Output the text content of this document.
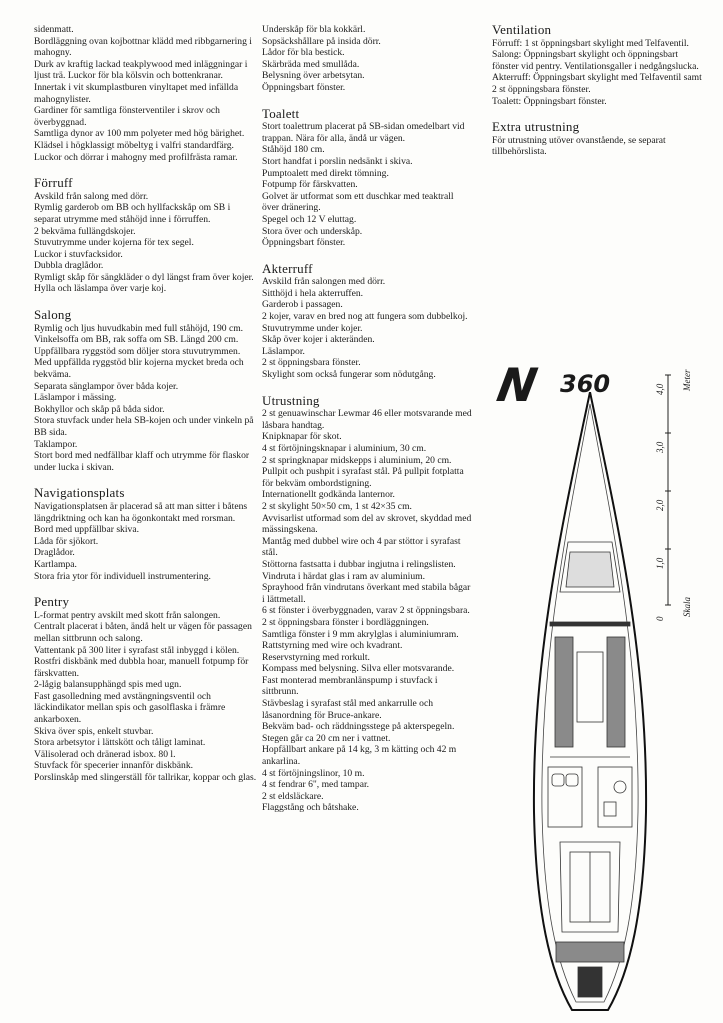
sidenmatt.
Bordläggning ovan kojbottnar klädd med ribbgarnering i mahogny.
Durk av kraftig lackad teakplywood med inläggningar i ljust trä. Luckor för bla kölsvin och bottenkranar.
Innertak i vit skumplastburen vinyltapet med infällda mahognylister.
Gardiner för samtliga fönsterventiler i skrov och överbyggnad.
Samtliga dynor av 100 mm polyeter med hög bärighet.
Klädsel i högklassigt möbeltyg i valfri standardfärg.
Luckor och dörrar i mahogny med profilfrästa ramar.

Förruff

Avskild från salong med dörr.
Rymlig garderob om BB och hyllfackskåp om SB i separat utrymme med ståhöjd inne i förruffen.
2 bekväma fullängdskojer.
Stuvutrymme under kojerna för tex segel.
Luckor i stuvfacksidor.
Dubbla draglådor.
Rymligt skåp för sängkläder o dyl längst fram över kojer.
Hylla och läslampa över varje koj.

Salong

Rymlig och ljus huvudkabin med full ståhöjd, 190 cm.
Vinkelsoffa om BB, rak soffa om SB. Längd 200 cm.
Uppfällbara ryggstöd som döljer stora stuvutrymmen.
Med uppfällda ryggstöd blir kojerna mycket breda och bekväma.
Separata sänglampor över båda kojer.
Läslampor i mässing.
Bokhyllor och skåp på båda sidor.
Stora stuvfack under hela SB-kojen och under vinkeln på BB sida.
Taklampor.
Stort bord med nedfällbar klaff och utrymme för flaskor under lucka i skivan.

Navigationsplats

Navigationsplatsen är placerad så att man sitter i båtens längdriktning och kan ha ögonkontakt med rorsman.
Bord med uppfällbar skiva.
Låda för sjökort.
Draglådor.
Kartlampa.
Stora fria ytor för individuell instrumentering.

Pentry

L-format pentry avskilt med skott från salongen.
Centralt placerat i båten, ändå helt ur vägen för passagen mellan sittbrunn och salong.
Vattentank på 300 liter i syrafast stål inbyggd i kölen.
Rostfri diskbänk med dubbla hoar, manuell fotpump för färskvatten.
2-lågig balansupphängd spis med ugn.
Fast gasolledning med avstängningsventil och läckindikator mellan spis och gasolflaska i främre ankarboxen.
Skiva över spis, enkelt stuvbar.
Stora arbetsytor i lättskött och tåligt laminat.
Välisolerad och dränerad isbox. 80 l.
Stuvfack för specerier innanför diskbänk.
Porslinskåp med slingerställ för tallrikar, koppar och glas.

Underskåp för bla kokkärl.
Sopsäckshållare på insida dörr.
Lådor för bla bestick.
Skärbräda med smullåda.
Belysning över arbetsytan.
Öppningsbart fönster.

Toalett

Stort toalettrum placerat på SB-sidan omedelbart vid trappan. Nära för alla, ändå ur vägen.
Ståhöjd 180 cm.
Stort handfat i porslin nedsänkt i skiva.
Pumptoalett med direkt tömning.
Fotpump för färskvatten.
Golvet är utformat som ett duschkar med teaktrall över dränering.
Spegel och 12 V eluttag.
Stora över och underskåp.
Öppningsbart fönster.

Akterruff

Avskild från salongen med dörr.
Sitthöjd i hela akterruffen.
Garderob i passagen.
2 kojer, varav en bred nog att fungera som dubbelkoj.
Stuvutrymme under kojer.
Skåp över kojer i akteränden.
Läslampor.
2 st öppningsbara fönster.
Skylight som också fungerar som nödutgång.

Utrustning

2 st genuawinschar Lewmar 46 eller motsvarande med låsbara handtag.
Knipknapar för skot.
4 st förtöjningsknapar i aluminium, 30 cm.
2 st springknapar midskepps i aluminium, 20 cm.
Pullpit och pushpit i syrafast stål. På pullpit fotplatta för bekväm ombordstigning.
Internationellt godkända lanternor.
2 st skylight 50×50 cm, 1 st 42×35 cm.
Avvisarlist utformad som del av skrovet, skyddad med mässingskena.
Mantåg med dubbel wire och 4 par stöttor i syrafast stål.
Stöttorna fastsatta i dubbar ingjutna i relingslisten.
Vindruta i härdat glas i ram av aluminium.
Sprayhood från vindrutans överkant med stabila bågar i lättmetall.
6 st fönster i överbyggnaden, varav 2 st öppningsbara.
2 st öppningsbara fönster i bordläggningen.
Samtliga fönster i 9 mm akrylglas i aluminiumram.
Rattstyrning med wire och kvadrant.
Reservstyrning med rorkult.
Kompass med belysning. Silva eller motsvarande.
Fast monterad membranlänspump i stuvfack i sittbrunn.
Stävbeslag i syrafast stål med ankarrulle och låsanordning för Bruce-ankare.
Bekväm bad- och räddningsstege på akterspegeln.
Stegen går ca 20 cm ner i vattnet.
Hopfällbart ankare på 14 kg, 3 m kätting och 42 m ankarlina.
4 st förtöjningslinor, 10 m.
4 st fendrar 6", med tampar.
2 st eldsläckare.
Flaggstång och båtshake.

Ventilation

Förruff: 1 st öppningsbart skylight med Telfaventil.
Salong: Öppningsbart skylight och öppningsbart fönster vid pentry. Ventilationsgaller i nedgångslucka.
Akterruff: Öppningsbart skylight med Telfaventil samt 2 st öppningsbara fönster.
Toalett: Öppningsbart fönster.

Extra utrustning

För utrustning utöver ovanstående, se separat tillbehörslista.

N 360	4,0 Meter
3,0
2,0
1,0
0
Skala
